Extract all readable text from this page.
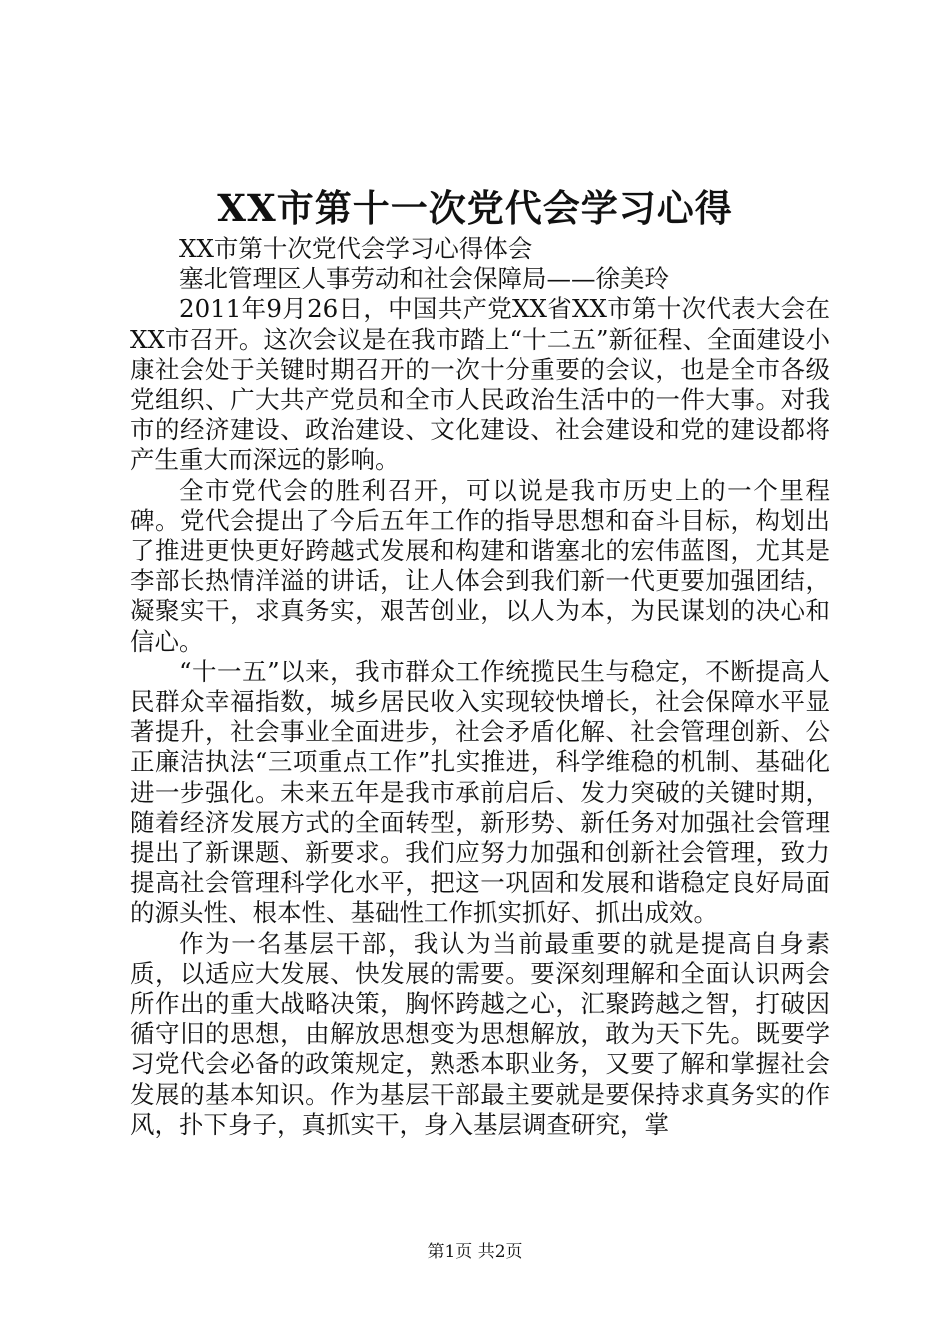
XX市第十一次党代会学习心得

XX市第十次党代会学习心得体会

塞北管理区人事劳动和社会保障局——徐美玲

2011年9月26日，中国共产党XX省XX市第十次代表大会在XX市召开。这次会议是在我市踏上“十二五”新征程、全面建设小康社会处于关键时期召开的一次十分重要的会议，也是全市各级党组织、广大共产党员和全市人民政治生活中的一件大事。对我市的经济建设、政治建设、文化建设、社会建设和党的建设都将产生重大而深远的影响。

全市党代会的胜利召开，可以说是我市历史上的一个里程碑。党代会提出了今后五年工作的指导思想和奋斗目标，构划出了推进更快更好跨越式发展和构建和谐塞北的宏伟蓝图，尤其是李部长热情洋溢的讲话，让人体会到我们新一代更要加强团结，凝聚实干，求真务实，艰苦创业，以人为本，为民谋划的决心和信心。

“十一五”以来，我市群众工作统揽民生与稳定，不断提高人民群众幸福指数，城乡居民收入实现较快增长，社会保障水平显著提升，社会事业全面进步，社会矛盾化解、社会管理创新、公正廉洁执法“三项重点工作”扎实推进，科学维稳的机制、基础化进一步强化。未来五年是我市承前启后、发力突破的关键时期，随着经济发展方式的全面转型，新形势、新任务对加强社会管理提出了新课题、新要求。我们应努力加强和创新社会管理，致力提高社会管理科学化水平，把这一巩固和发展和谐稳定良好局面的源头性、根本性、基础性工作抓实抓好、抓出成效。

作为一名基层干部，我认为当前最重要的就是提高自身素质，以适应大发展、快发展的需要。要深刻理解和全面认识两会所作出的重大战略决策，胸怀跨越之心，汇聚跨越之智，打破因循守旧的思想，由解放思想变为思想解放，敢为天下先。既要学习党代会必备的政策规定，熟悉本职业务，又要了解和掌握社会发展的基本知识。作为基层干部最主要就是要保持求真务实的作风，扑下身子，真抓实干，身入基层调查研究，掌

第1页 共2页
